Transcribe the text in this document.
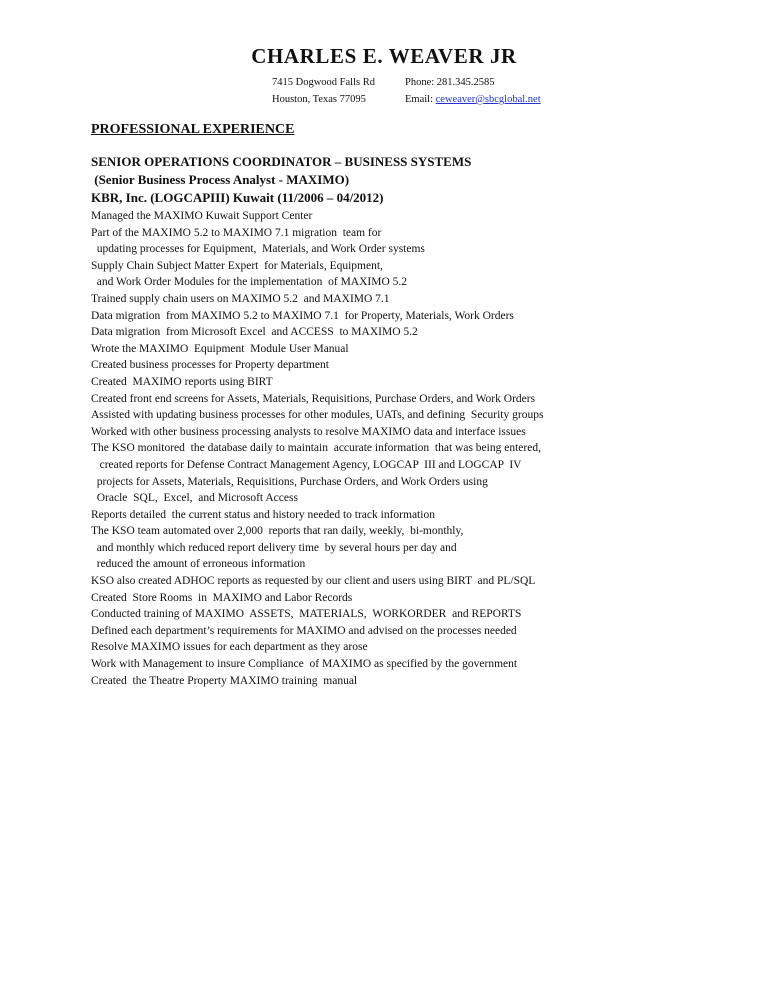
CHARLES E. WEAVER JR
7415 Dogwood Falls Rd
Houston, Texas 77095
Phone: 281.345.2585
Email: ceweaver@sbcglobal.net
PROFESSIONAL EXPERIENCE
SENIOR OPERATIONS COORDINATOR – BUSINESS SYSTEMS
(Senior Business Process Analyst - MAXIMO)
KBR, Inc. (LOGCAPIII) Kuwait (11/2006 – 04/2012)
Managed the MAXIMO Kuwait Support Center
Part of the MAXIMO 5.2 to MAXIMO 7.1 migration  team for
updating processes for Equipment,  Materials, and Work Order systems
Supply Chain Subject Matter Expert  for Materials, Equipment,
and Work Order Modules for the implementation  of MAXIMO 5.2
Trained supply chain users on MAXIMO 5.2  and MAXIMO 7.1
Data migration  from MAXIMO 5.2 to MAXIMO 7.1  for Property, Materials, Work Orders
Data migration  from Microsoft Excel  and ACCESS  to MAXIMO 5.2
Wrote the MAXIMO  Equipment  Module User Manual
Created business processes for Property department
Created  MAXIMO reports using BIRT
Created front end screens for Assets, Materials, Requisitions, Purchase Orders, and Work Orders
Assisted with updating business processes for other modules, UATs, and defining  Security groups
Worked with other business processing analysts to resolve MAXIMO data and interface issues
The KSO monitored  the database daily to maintain  accurate information  that was being entered,
created reports for Defense Contract Management Agency, LOGCAP  III and LOGCAP  IV
projects for Assets, Materials, Requisitions, Purchase Orders, and Work Orders using
Oracle  SQL,  Excel,  and Microsoft Access
Reports detailed  the current status and history needed to track information
The KSO team automated over 2,000  reports that ran daily, weekly,  bi-monthly,
and monthly which reduced report delivery time  by several hours per day and
reduced the amount of erroneous information
KSO also created ADHOC reports as requested by our client and users using BIRT  and PL/SQL
Created  Store Rooms  in  MAXIMO and Labor Records
Conducted training of MAXIMO  ASSETS,  MATERIALS,  WORKORDER  and REPORTS
Defined each department’s requirements for MAXIMO and advised on the processes needed
Resolve MAXIMO issues for each department as they arose
Work with Management to insure Compliance  of MAXIMO as specified by the government
Created  the Theatre Property MAXIMO training  manual
